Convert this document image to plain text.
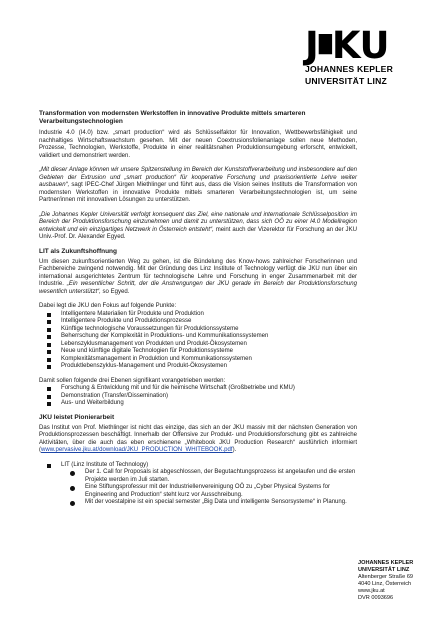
J █ K U
JOHANNES KEPLER
UNIVERSITÄT LINZ

Transformation von modernsten Werkstoffen in innovative Produkte mittels smarteren Verarbeitungstechnologien

Industrie 4.0 (I4.0) bzw. „smart production“ wird als Schlüsselfaktor für Innovation, Wettbewerbsfähigkeit und nachhaltiges Wirtschaftswachstum gesehen. Mit der neuen Coextrusionsfolienanlage sollen neue Methoden, Prozesse, Technologien, Werkstoffe, Produkte in einer realitätsnahen Produktionsumgebung erforscht, entwickelt, validiert und demonstriert werden.

„Mit dieser Anlage können wir unsere Spitzenstellung im Bereich der Kunststoffverarbeitung und insbesondere auf den Gebieten der Extrusion und „smart production“ für kooperative Forschung und praxisorientierte Lehre weiter ausbauen“, sagt IPEC-Chef Jürgen Miethlinger und führt aus, dass die Vision seines Instituts die Transformation von modernsten Werkstoffen in innovative Produkte mittels smarteren Verarbeitungstechnologien ist, um seine Partner/innen mit innovativen Lösungen zu unterstützen.

„Die Johannes Kepler Universität verfolgt konsequent das Ziel, eine nationale und internationale Schlüsselposition im Bereich der Produktionsforschung einzunehmen und damit zu unterstützen, dass sich OÖ zu einer I4.0 Modellregion entwickelt und ein einzigartiges Netzwerk in Österreich entsteht“, meint auch der Vizerektor für Forschung an der JKU Univ.-Prof. Dr. Alexander Egyed.

LIT als Zukunftshoffnung

Um diesen zukunftsorientierten Weg zu gehen, ist die Bündelung des Know-hows zahlreicher Forscherinnen und Fachbereiche zwingend notwendig. Mit der Gründung des Linz Institute of Technology verfügt die JKU nun über ein international ausgerichtetes Zentrum für technologische Lehre und Forschung in enger Zusammenarbeit mit der Industrie. „Ein wesentlicher Schritt, der die Anstrengungen der JKU gerade im Bereich der Produktionsforschung wesentlich unterstützt“, so Egyed.

Dabei legt die JKU den Fokus auf folgende Punkte:

Intelligentere Materialien für Produkte und Produktion
Intelligentere Produkte und Produktionsprozesse
Künftige technologische Voraussetzungen für Produktionssysteme
Beherrschung der Komplexität in Produktions- und Kommunikationssystemen
Lebenszyklusmanagement von Produkten und Produkt-Ökosystemen
Neue und künftige digitale Technologien für Produktionssysteme
Komplexitätsmanagement in Produktion und Kommunikationssystemen
Produktlebenszyklus-Management und Produkt-Ökosystemen

Damit sollen folgende drei Ebenen signifikant vorangetrieben werden:

Forschung & Entwicklung mit und für die heimische Wirtschaft (Großbetriebe und KMU)
Demonstration (Transfer/Dissemination)
Aus- und Weiterbildung

JKU leistet Pionierarbeit

Das Institut von Prof. Miethlinger ist nicht das einzige, das sich an der JKU massiv mit der nächsten Generation von Produktionsprozessen beschäftigt. Innerhalb der Offensive zur Produkt- und Produktionsforschung gibt es zahlreiche Aktivitäten, über die auch das eben erschienene „Whitebook JKU Production Research“ ausführlich informiert (www.pervasive.jku.at/download/JKU_PRODUCTION_WHITEBOOK.pdf).

LIT (Linz Institute of Technology)
Der 1. Call for Proposals ist abgeschlossen, der Begutachtungsprozess ist angelaufen und die ersten Projekte werden im Juli starten.
Eine Stiftungsprofessur mit der Industriellenvereinigung OÖ zu „Cyber Physical Systems for Engineering and Production“ steht kurz vor Ausschreibung.
Mit der voestalpine ist ein special semester „Big Data und intelligente Sensorsysteme“ in Planung.
JOHANNES KEPLER
UNIVERSITÄT LINZ
Altenberger Straße 69
4040 Linz, Österreich
www.jku.at
DVR 0093696
